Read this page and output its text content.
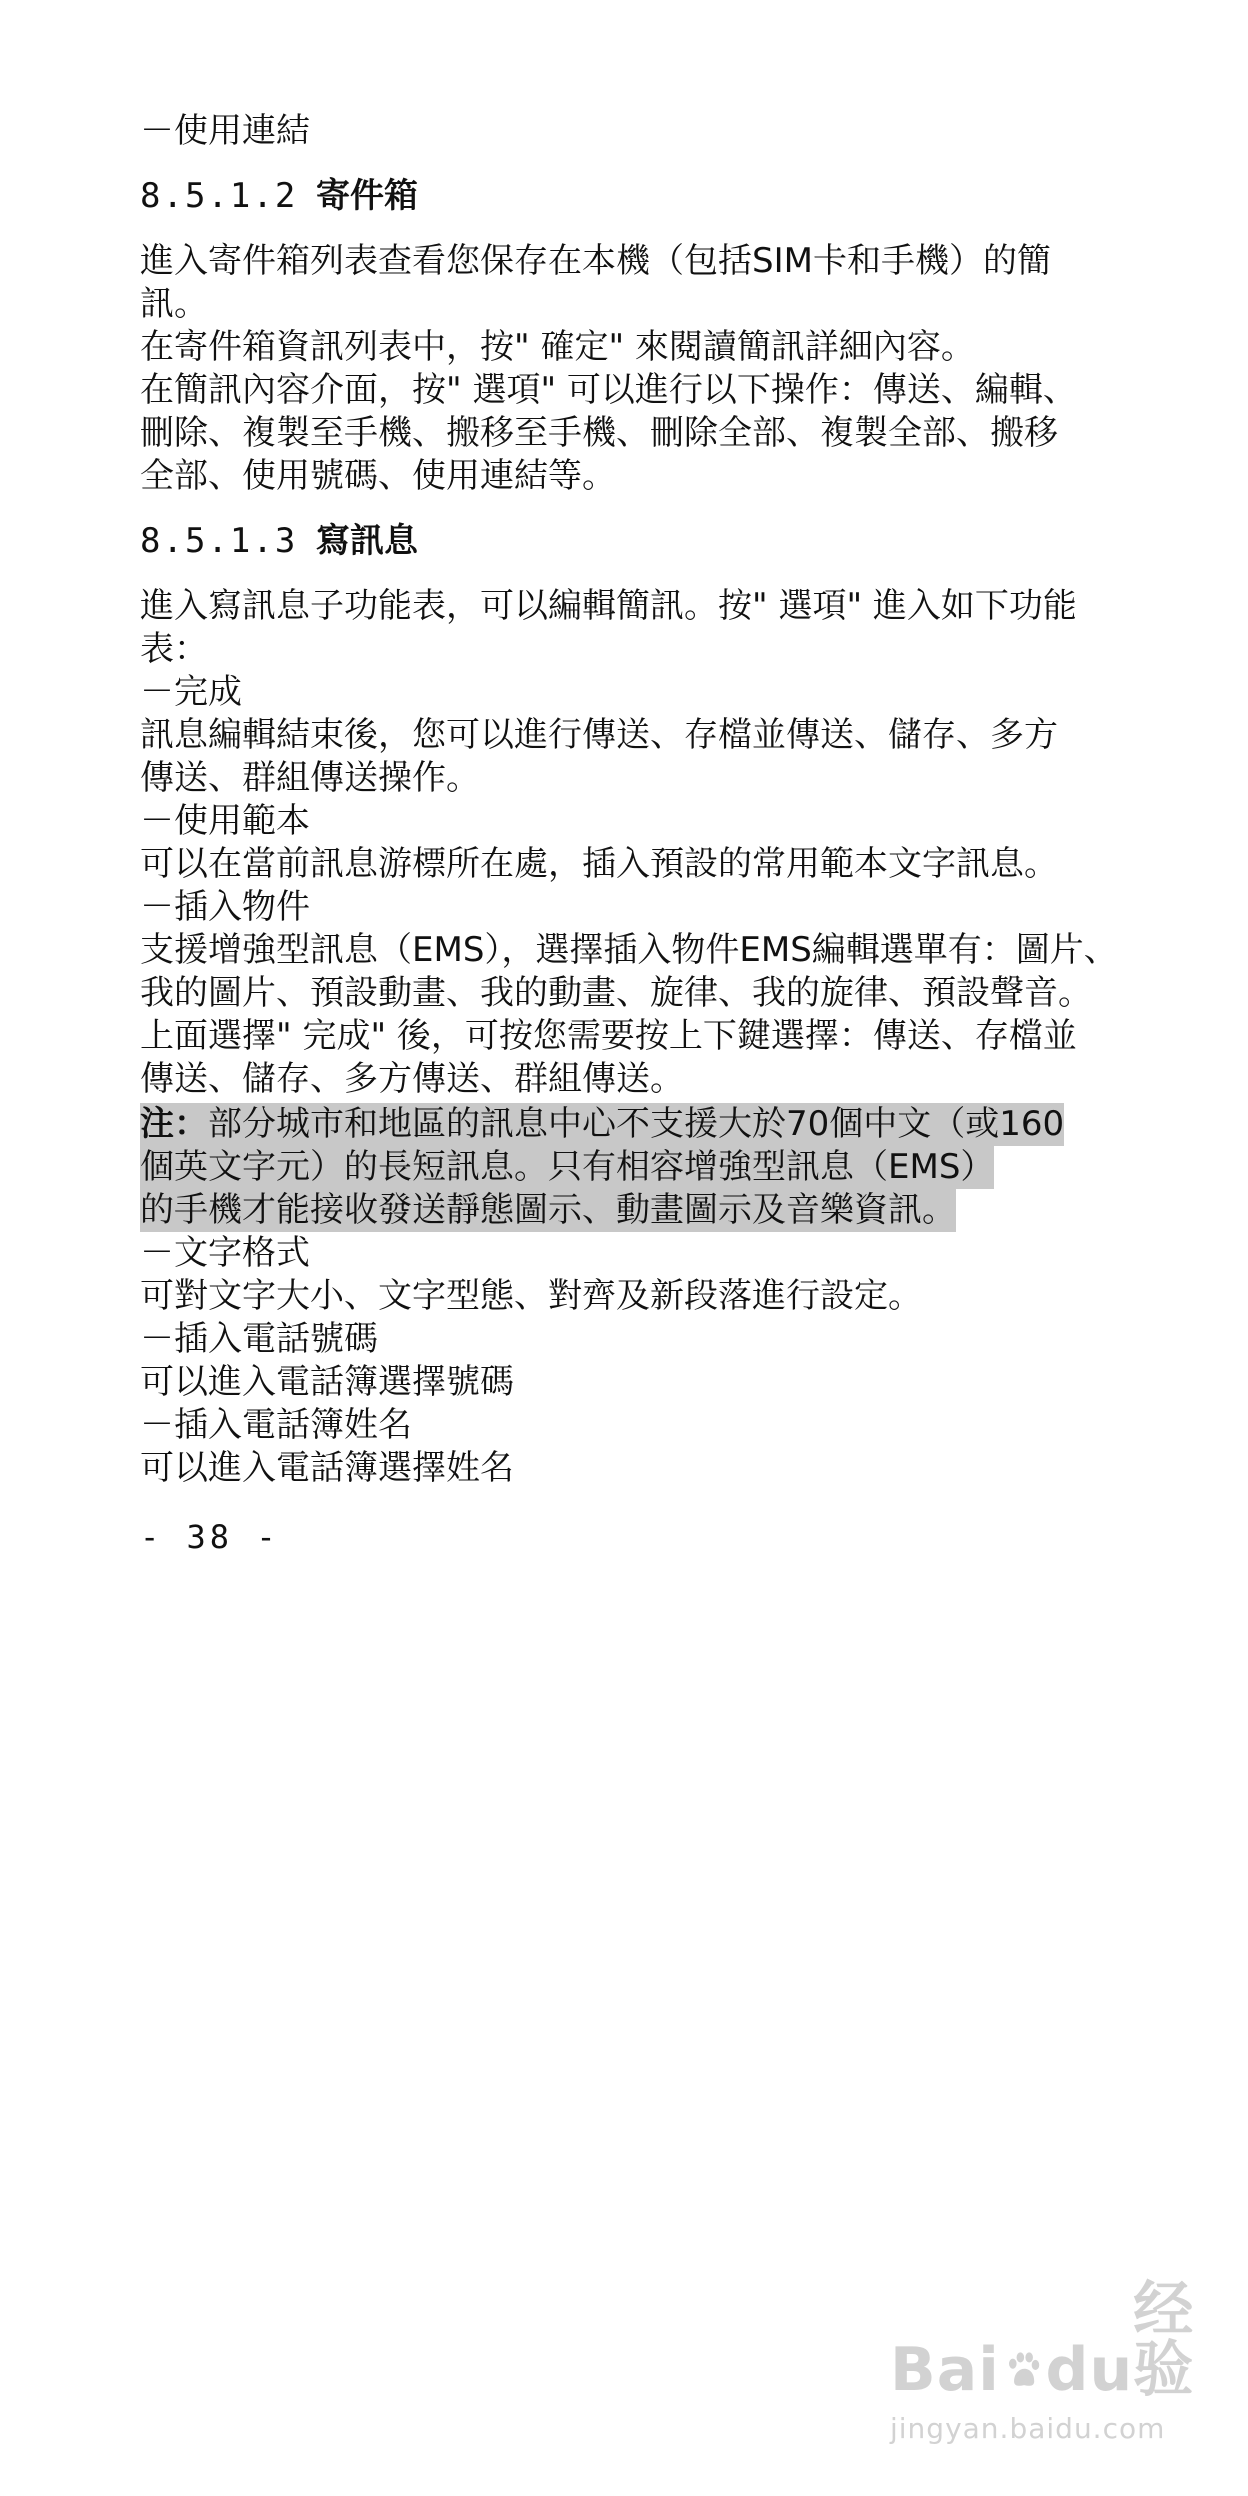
－使用連結
8.5.1.2 寄件箱
進入寄件箱列表查看您保存在本機（包括SIM卡和手機）的簡
訊。
在寄件箱資訊列表中，按" 確定" 來閱讀簡訊詳細內容。
在簡訊內容介面，按" 選項" 可以進行以下操作：傳送、編輯、
刪除、複製至手機、搬移至手機、刪除全部、複製全部、搬移
全部、使用號碼、使用連結等。
8.5.1.3 寫訊息
進入寫訊息子功能表，可以編輯簡訊。按" 選項" 進入如下功能
表：
－完成
訊息編輯結束後，您可以進行傳送、存檔並傳送、儲存、多方
傳送、群組傳送操作。
－使用範本
可以在當前訊息游標所在處，插入預設的常用範本文字訊息。
－插入物件
支援增強型訊息（EMS），選擇插入物件EMS編輯選單有：圖片、
我的圖片、預設動畫、我的動畫、旋律、我的旋律、預設聲音。
上面選擇" 完成" 後，可按您需要按上下鍵選擇：傳送、存檔並
傳送、儲存、多方傳送、群組傳送。
注：部分城市和地區的訊息中心不支援大於70個中文（或160
個英文字元）的長短訊息。只有相容增強型訊息（EMS）
的手機才能接收發送靜態圖示、動畫圖示及音樂資訊。
－文字格式
可對文字大小、文字型態、對齊及新段落進行設定。
－插入電話號碼
可以進入電話簿選擇號碼
－插入電話簿姓名
可以進入電話簿選擇姓名
- 38 -
Bai du
经验
jingyan.baidu.com
